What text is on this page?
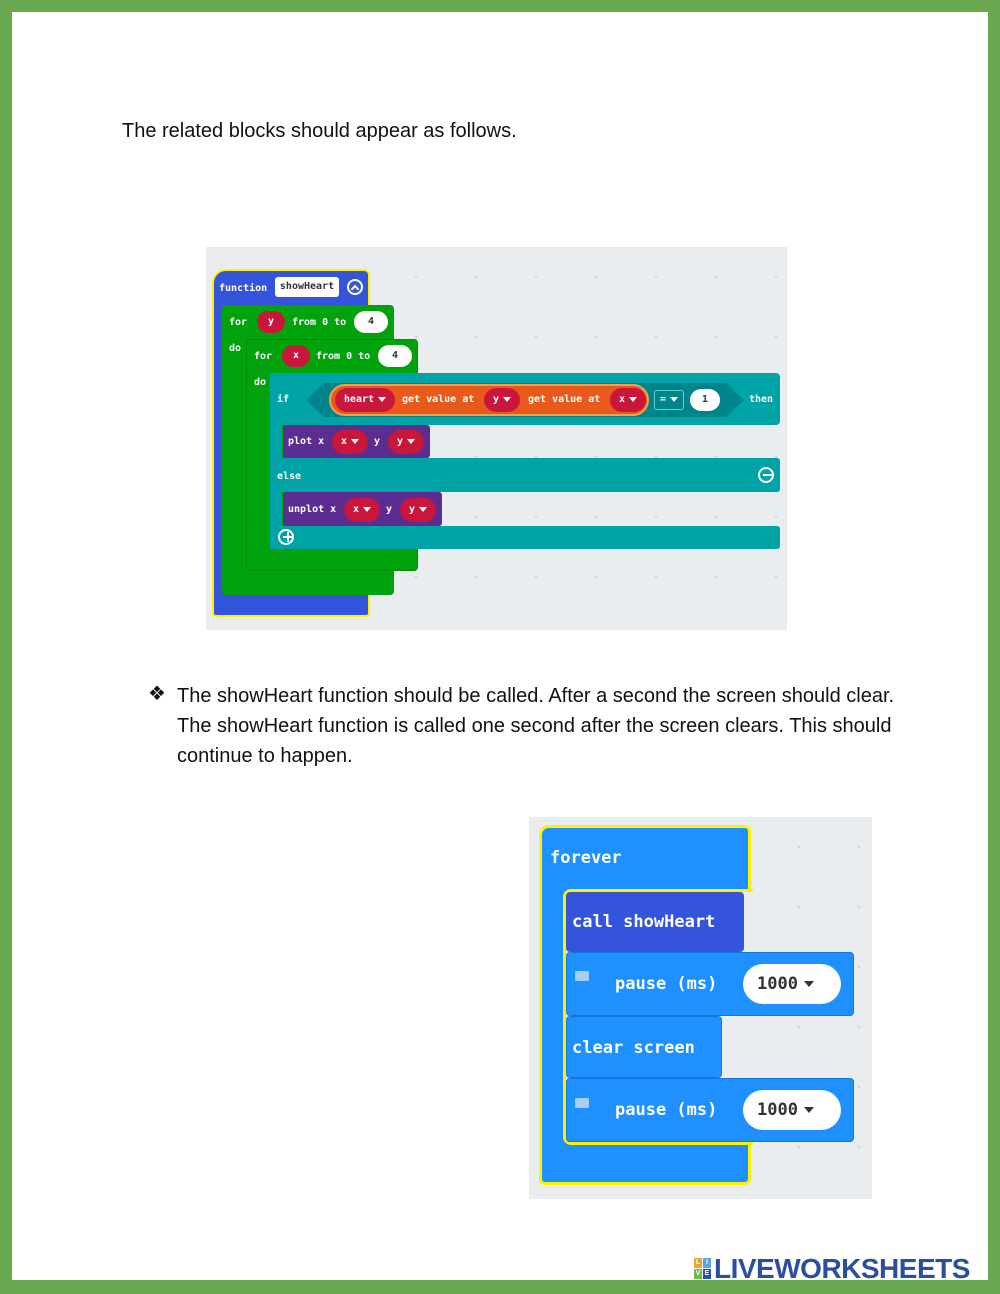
The related blocks should appear as follows.
function	showHeart
for	y	from 0 to	4
do
for	x	from 0 to	4
do
if	heart	get value at	y	get value at	x	=	1	then
plot x	x	y	y
else
unplot x	x	y	y
❖ The showHeart function should be called. After a second the screen should clear. The showHeart function is called one second after the screen clears. This should continue to happen.
forever
call showHeart
pause (ms)	1000
clear screen
pause (ms)	1000
L I
V E LIVEWORKSHEETS
